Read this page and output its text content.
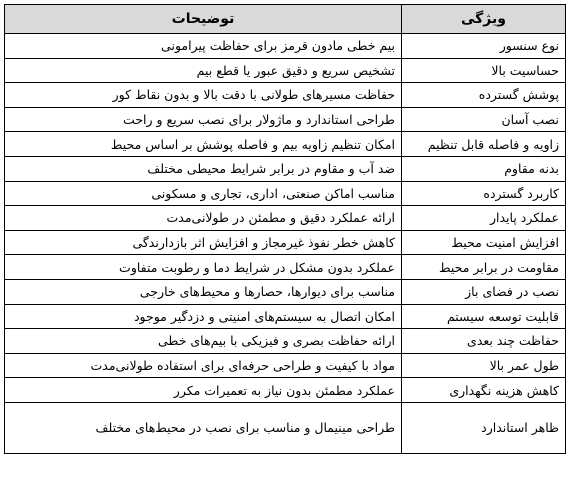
ویژگی	توضیحات
نوع سنسور	بیم خطی مادون قرمز برای حفاظت پیرامونی
حساسیت بالا	تشخیص سریع و دقیق عبور یا قطع بیم
پوشش گسترده	حفاظت مسیرهای طولانی با دقت بالا و بدون نقاط کور
نصب آسان	طراحی استاندارد و ماژولار برای نصب سریع و راحت
زاویه و فاصله قابل تنظیم	امکان تنظیم زاویه بیم و فاصله پوشش بر اساس محیط
بدنه مقاوم	ضد آب و مقاوم در برابر شرایط محیطی مختلف
کاربرد گسترده	مناسب اماکن صنعتی، اداری، تجاری و مسکونی
عملکرد پایدار	ارائه عملکرد دقیق و مطمئن در طولانی‌مدت
افزایش امنیت محیط	کاهش خطر نفوذ غیرمجاز و افزایش اثر بازدارندگی
مقاومت در برابر محیط	عملکرد بدون مشکل در شرایط دما و رطوبت متفاوت
نصب در فضای باز	مناسب برای دیوارها، حصارها و محیط‌های خارجی
قابلیت توسعه سیستم	امکان اتصال به سیستم‌های امنیتی و دزدگیر موجود
حفاظت چند بعدی	ارائه حفاظت بصری و فیزیکی با بیم‌های خطی
طول عمر بالا	مواد با کیفیت و طراحی حرفه‌ای برای استفاده طولانی‌مدت
کاهش هزینه نگهداری	عملکرد مطمئن بدون نیاز به تعمیرات مکرر
ظاهر استاندارد	طراحی مینیمال و مناسب برای نصب در محیط‌های مختلف
